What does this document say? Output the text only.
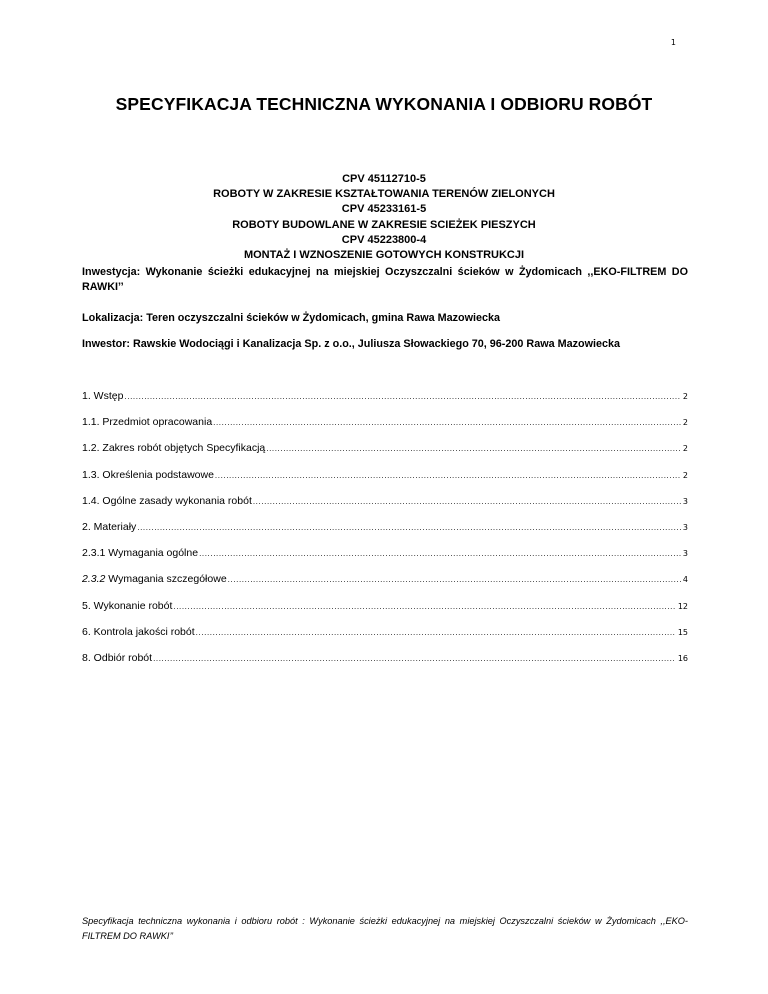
1
SPECYFIKACJA TECHNICZNA WYKONANIA I ODBIORU ROBÓT
CPV 45112710-5
ROBOTY W ZAKRESIE KSZTAŁTOWANIA TERENÓW ZIELONYCH
CPV 45233161-5
ROBOTY BUDOWLANE W ZAKRESIE SCIEŻEK PIESZYCH
CPV 45223800-4
MONTAŻ I WZNOSZENIE GOTOWYCH KONSTRUKCJI
Inwestycja: Wykonanie ścieżki edukacyjnej na miejskiej Oczyszczalni ścieków w Żydomicach ,,EKO-FILTREM DO RAWKI’’
Lokalizacja: Teren oczyszczalni ścieków w Żydomicach, gmina Rawa Mazowiecka
Inwestor: Rawskie Wodociągi i Kanalizacja Sp. z o.o., Juliusza Słowackiego 70, 96-200 Rawa Mazowiecka
1. Wstęp .....	2
1.1. Przedmiot opracowania .....	2
1.2. Zakres robót objętych Specyfikacją .....	2
1.3. Określenia podstawowe .....	2
1.4. Ogólne zasady wykonania robót .....	3
2. Materiały .....	3
2.3.1 Wymagania ogólne .....	3
2.3.2 Wymagania szczegółowe .....	4
5. Wykonanie robót .....	12
6. Kontrola jakości robót .....	15
8. Odbiór robót .....	16
Specyfikacja techniczna wykonania i odbioru robót : Wykonanie ścieżki edukacyjnej na miejskiej Oczyszczalni ścieków w Żydomicach ,,EKO-FILTREM DO RAWKI’’
